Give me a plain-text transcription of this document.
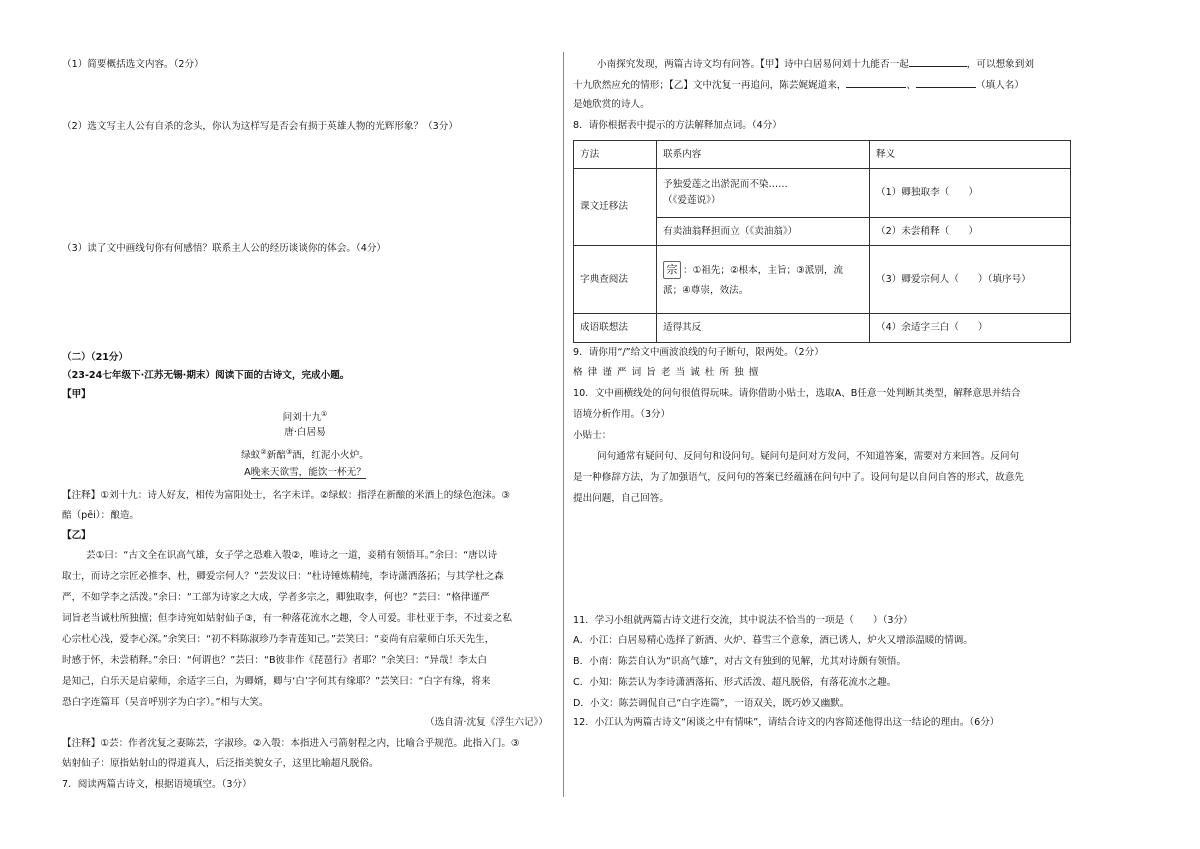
（1）简要概括选文内容。（2分）
（2）选文写主人公有自杀的念头，你认为这样写是否会有损于英雄人物的光辉形象？（3分）
（3）读了文中画线句你有何感悟？联系主人公的经历谈谈你的体会。（4分）
（二）（21分）
（23-24七年级下·江苏无锡·期末）阅读下面的古诗文，完成小题。
【甲】
问刘十九①
唐·白居易
绿蚁②新醅③酒，红泥小火炉。
A晚来天欲雪，能饮一杯无？
【注释】①刘十九：诗人好友，相传为富阳处士，名字未详。②绿蚁：指浮在新酿的米酒上的绿色泡沫。③
醅（pēi）：酿造。
【乙】
芸①曰：“古文全在识高气雄，女子学之恐难入彀②，唯诗之一道，妾稍有领悟耳。”余曰：“唐以诗
取士，而诗之宗匠必推李、杜，卿爱宗何人？”芸发议曰：“杜诗锤炼精纯，李诗潇洒落拓；与其学杜之森
严，不如学李之活泼。”余曰：“工部为诗家之大成，学者多宗之，卿独取李，何也？”芸曰：“格律谨严
词旨老当诚杜所独擅；但李诗宛如姑射仙子③，有一种落花流水之趣，令人可爱。非杜亚于李，不过妾之私
心宗杜心浅，爱李心深。”余笑曰：“初不料陈淑珍乃李青莲知己。”芸笑曰：“妾尚有启蒙师白乐天先生，
时感于怀，未尝稍释。”余曰：“何谓也？”芸曰：“B彼非作《琵琶行》者耶？”余笑曰：“异哉！李太白
是知己，白乐天是启蒙师，余适字三白，为卿婿，卿与‘白’字何其有缘耶？”芸笑曰：“白字有缘，将来
恐白字连篇耳（吴音呼别字为白字）。”相与大笑。
（选自清·沈复《浮生六记》）
【注释】①芸：作者沈复之妻陈芸，字淑珍。②入彀：本指进入弓箭射程之内，比喻合乎规范。此指入门。③
姑射仙子：原指姑射山的得道真人，后泛指美貌女子，这里比喻超凡脱俗。
7．阅读两篇古诗文，根据语境填空。（3分）
小南探究发现，两篇古诗文均有问答。【甲】诗中白居易问刘十九能否一起	，可以想象到刘
十九欣然应允的情形；【乙】文中沈复一再追问，陈芸娓娓道来，	、	（填人名）
是她欣赏的诗人。
8．请你根据表中提示的方法解释加点词。（4分）
方法	联系内容	释义
课文迁移法	予独爱莲之出淤泥而不染……
（《爱莲说》）	（1）卿独取李（　　）
	有卖油翁释担而立（《卖油翁》）	（2）未尝稍释（　　）
字典查阅法	宗 ：①祖先；②根本，主旨；③派别，流
派；④尊崇，效法。	（3）卿爱宗何人（　　）（填序号）
成语联想法	适得其反	（4）余适字三白（　　）
9．请你用“/”给文中画波浪线的句子断句，限两处。（2分）
格 律 谨 严 词 旨 老 当 诚 杜 所 独 擅
10．文中画横线处的问句很值得玩味。请你借助小贴士，选取A、B任意一处判断其类型，解释意思并结合
语境分析作用。（3分）
小贴士：
问句通常有疑问句、反问句和设问句。疑问句是问对方发问，不知道答案，需要对方来回答。反问句
是一种修辞方法，为了加强语气，反问句的答案已经蕴涵在问句中了。设问句是以自问自答的形式，故意先
提出问题，自己回答。
11．学习小组就两篇古诗文进行交流，其中说法不恰当的一项是（　　）（3分）
A．小江：白居易精心选择了新酒、火炉、暮雪三个意象，酒已诱人，炉火又增添温暖的情调。
B．小南：陈芸自认为“识高气雄”，对古文有独到的见解，尤其对诗颇有领悟。
C．小知：陈芸认为李诗潇洒落拓、形式活泼、超凡脱俗，有落花流水之趣。
D．小文：陈芸调侃自己“白字连篇”，一语双关，既巧妙又幽默。
12．小江认为两篇古诗文“闲谈之中有情味”，请结合诗文的内容简述他得出这一结论的理由。（6分）
